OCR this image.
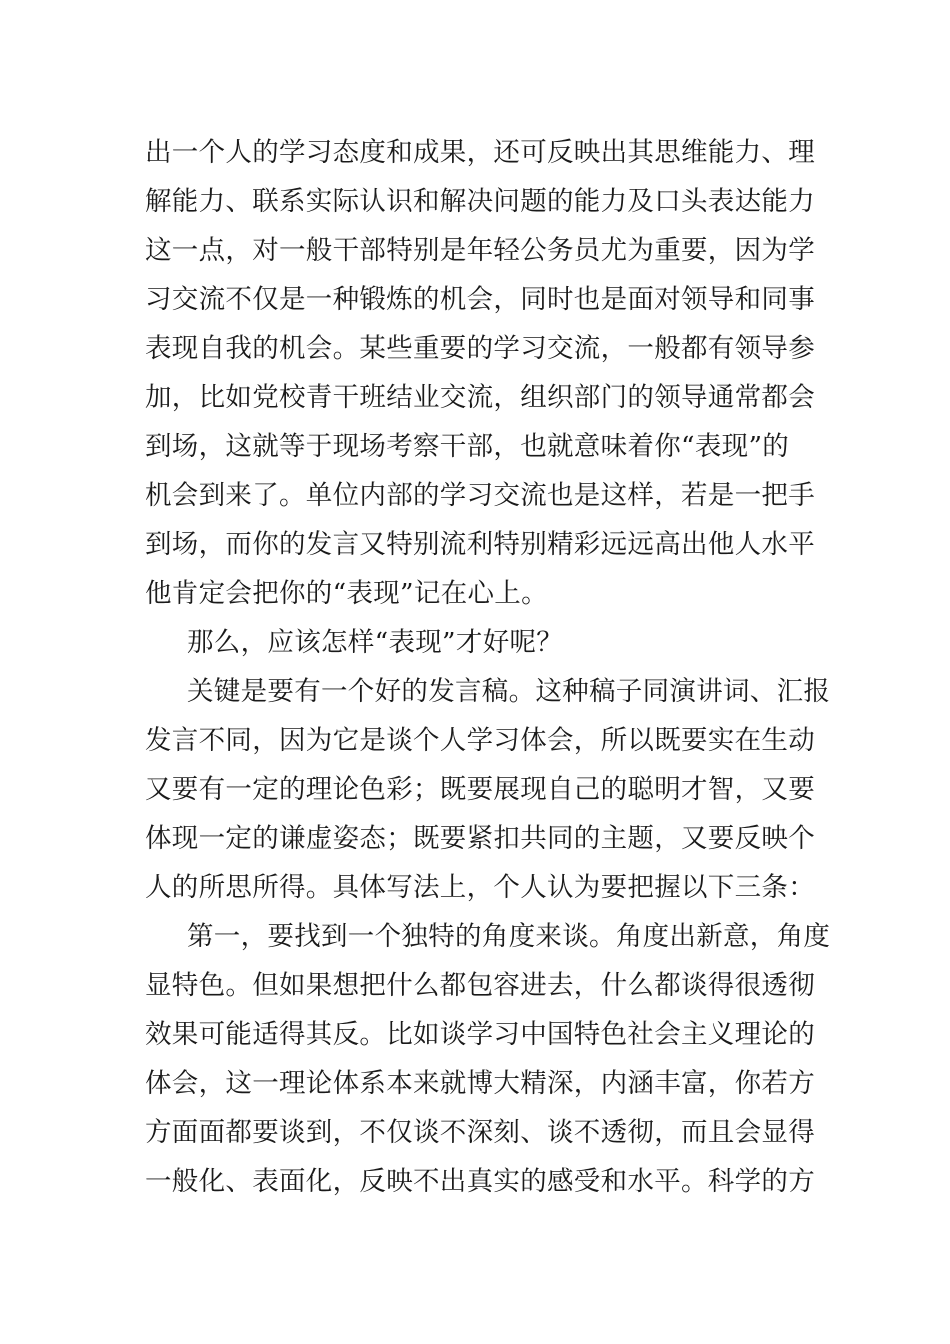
出一个人的学习态度和成果，还可反映出其思维能力、理
解能力、联系实际认识和解决问题的能力及口头表达能力
这一点，对一般干部特别是年轻公务员尤为重要，因为学
习交流不仅是一种锻炼的机会，同时也是面对领导和同事
表现自我的机会。某些重要的学习交流，一般都有领导参
加，比如党校青干班结业交流，组织部门的领导通常都会
到场，这就等于现场考察干部，也就意味着你“表现”的
机会到来了。单位内部的学习交流也是这样，若是一把手
到场，而你的发言又特别流利特别精彩远远高出他人水平
他肯定会把你的“表现”记在心上。
那么，应该怎样“表现”才好呢？
关键是要有一个好的发言稿。这种稿子同演讲词、汇报
发言不同，因为它是谈个人学习体会，所以既要实在生动
又要有一定的理论色彩；既要展现自己的聪明才智，又要
体现一定的谦虚姿态；既要紧扣共同的主题，又要反映个
人的所思所得。具体写法上，个人认为要把握以下三条：
第一，要找到一个独特的角度来谈。角度出新意，角度
显特色。但如果想把什么都包容进去，什么都谈得很透彻
效果可能适得其反。比如谈学习中国特色社会主义理论的
体会，这一理论体系本来就博大精深，内涵丰富，你若方
方面面都要谈到，不仅谈不深刻、谈不透彻，而且会显得
一般化、表面化，反映不出真实的感受和水平。科学的方
